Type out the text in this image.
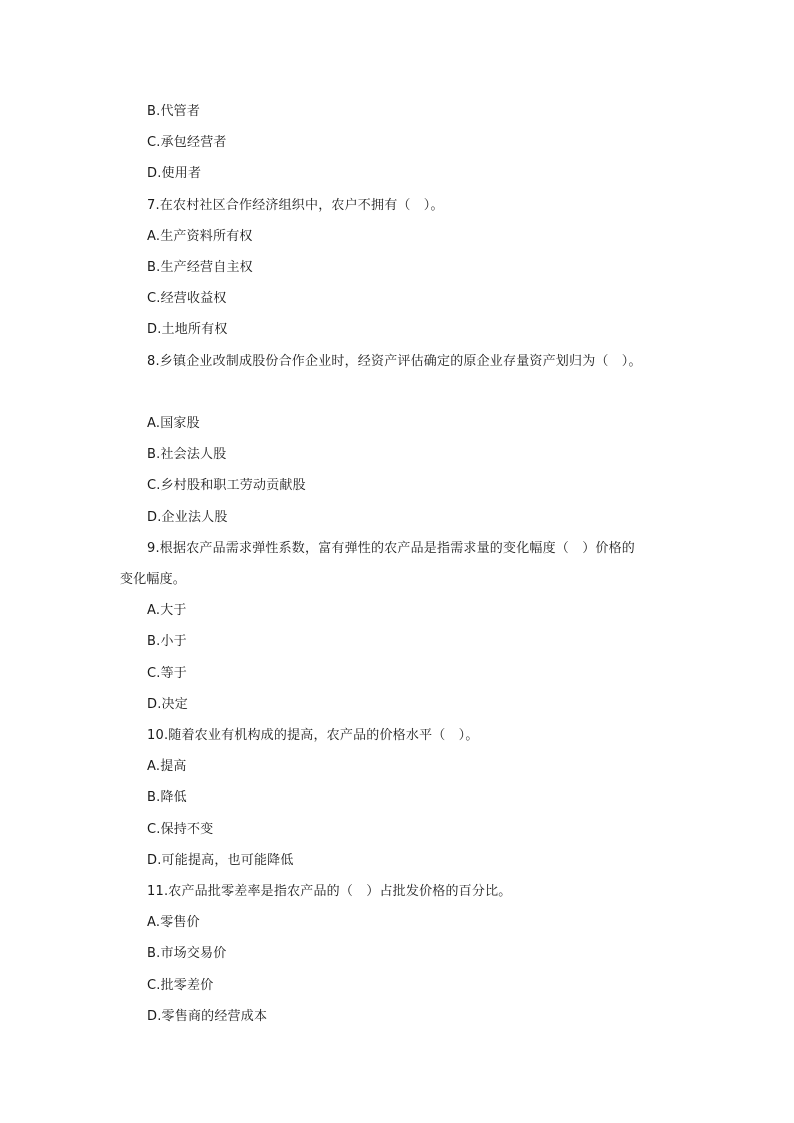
B.代管者
C.承包经营者
D.使用者
7.在农村社区合作经济组织中，农户不拥有（　）。
A.生产资料所有权
B.生产经营自主权
C.经营收益权
D.土地所有权
8.乡镇企业改制成股份合作企业时，经资产评估确定的原企业存量资产划归为（　）。
A.国家股
B.社会法人股
C.乡村股和职工劳动贡献股
D.企业法人股
9.根据农产品需求弹性系数，富有弹性的农产品是指需求量的变化幅度（　）价格的
变化幅度。
A.大于
B.小于
C.等于
D.决定
10.随着农业有机构成的提高，农产品的价格水平（　）。
A.提高
B.降低
C.保持不变
D.可能提高，也可能降低
11.农产品批零差率是指农产品的（　）占批发价格的百分比。
A.零售价
B.市场交易价
C.批零差价
D.零售商的经营成本
